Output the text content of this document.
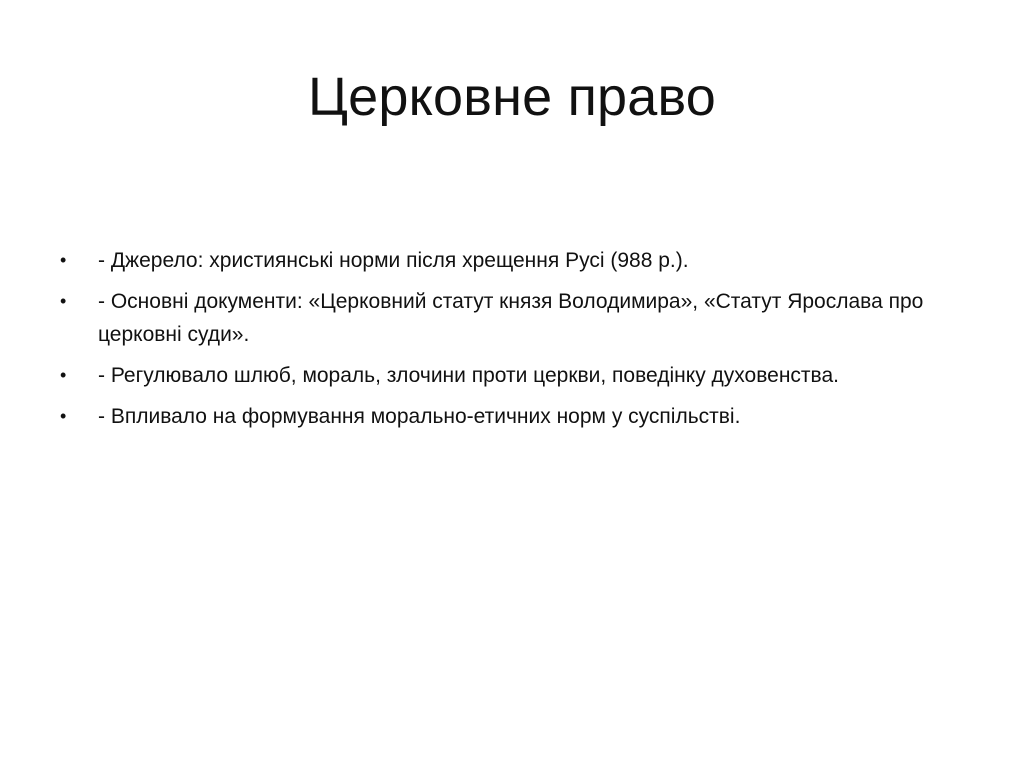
Церковне право
•	- Джерело: християнські норми після хрещення Русі (988 р.).
•	- Основні документи: «Церковний статут князя Володимира», «Статут Ярослава про церковні суди».
•	- Регулювало шлюб, мораль, злочини проти церкви, поведінку духовенства.
•	- Впливало на формування морально-етичних норм у суспільстві.
